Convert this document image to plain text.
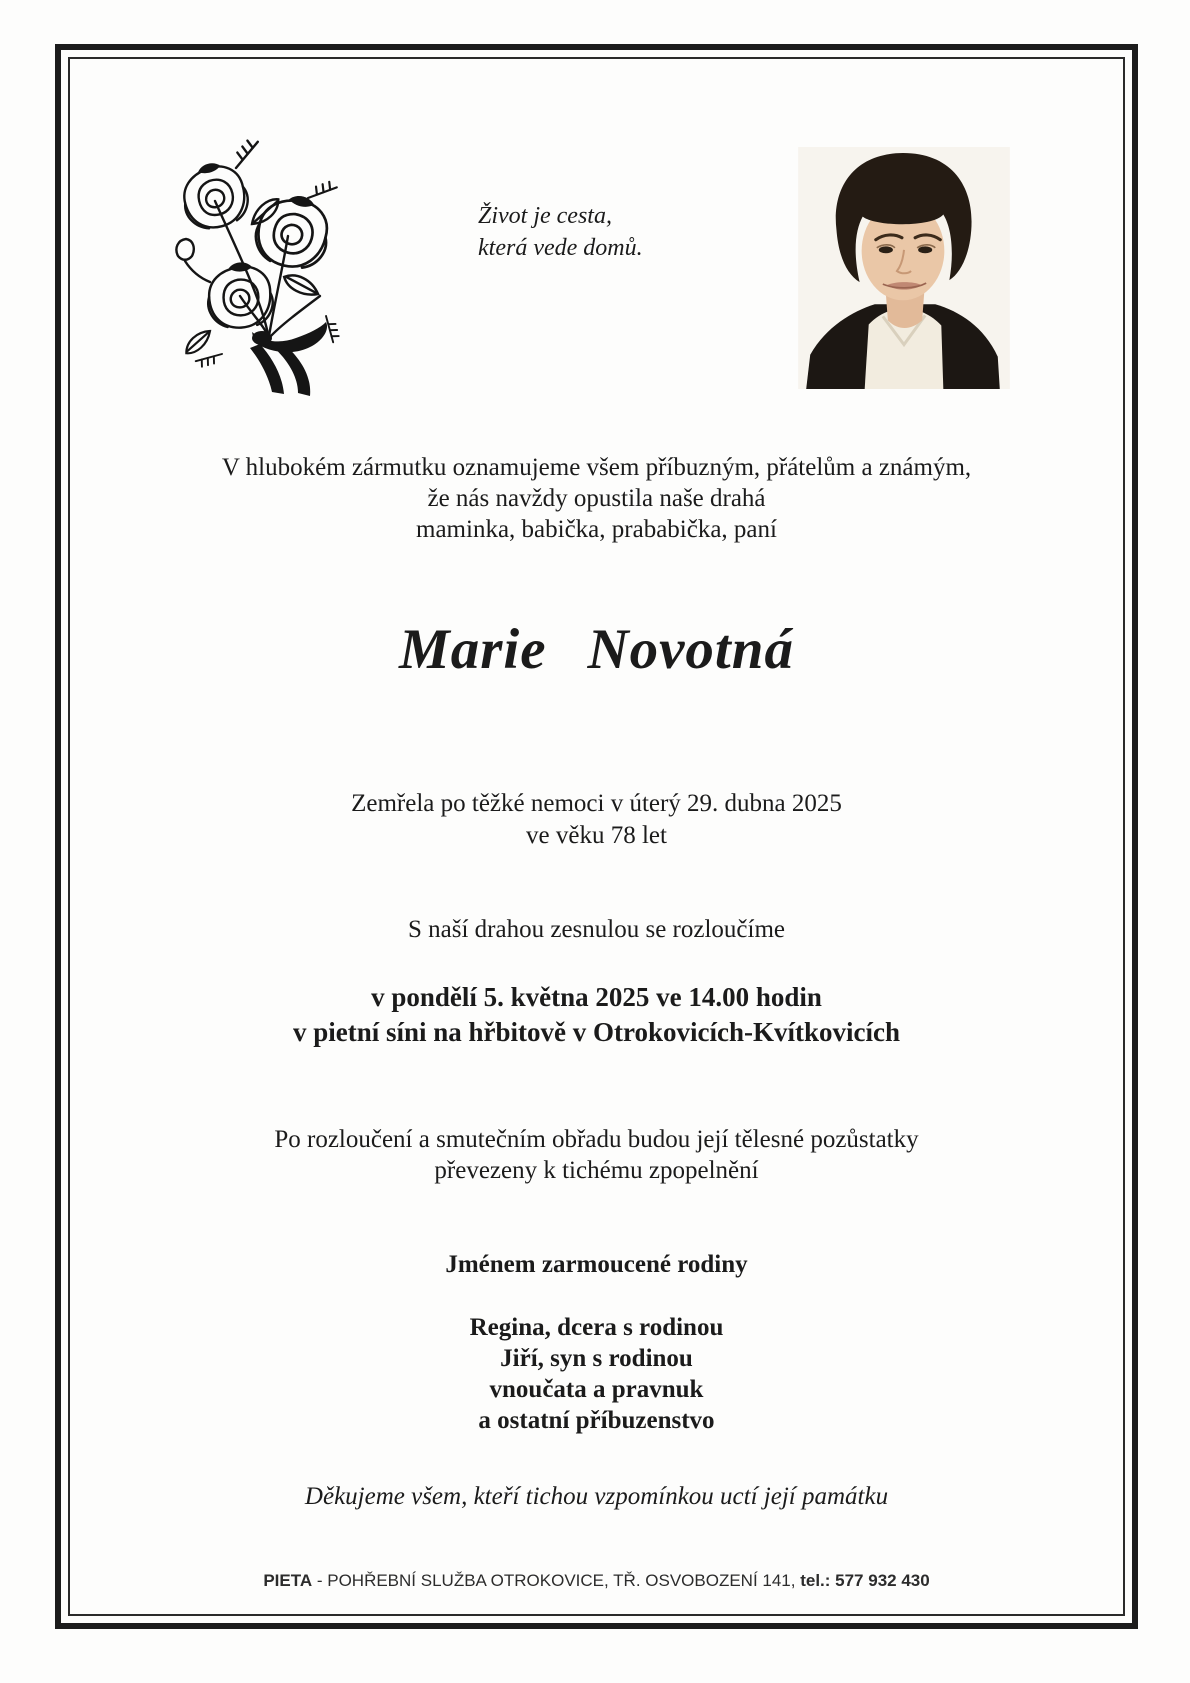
Život je cesta,
která vede domů.
V hlubokém zármutku oznamujeme všem příbuzným, přátelům a známým,
že nás navždy opustila naše drahá
maminka, babička, prababička, paní
Marie Novotná
Zemřela po těžké nemoci v úterý 29. dubna 2025
ve věku 78 let
S naší drahou zesnulou se rozloučíme
v pondělí 5. května 2025 ve 14.00 hodin
v pietní síni na hřbitově v Otrokovicích-Kvítkovicích
Po rozloučení a smutečním obřadu budou její tělesné pozůstatky
převezeny k tichému zpopelnění
Jménem zarmoucené rodiny
Regina, dcera s rodinou
Jiří, syn s rodinou
vnoučata a pravnuk
a ostatní příbuzenstvo
Děkujeme všem, kteří tichou vzpomínkou uctí její památku
PIETA - POHŘEBNÍ SLUŽBA OTROKOVICE, TŘ. OSVOBOZENÍ 141, tel.: 577 932 430
